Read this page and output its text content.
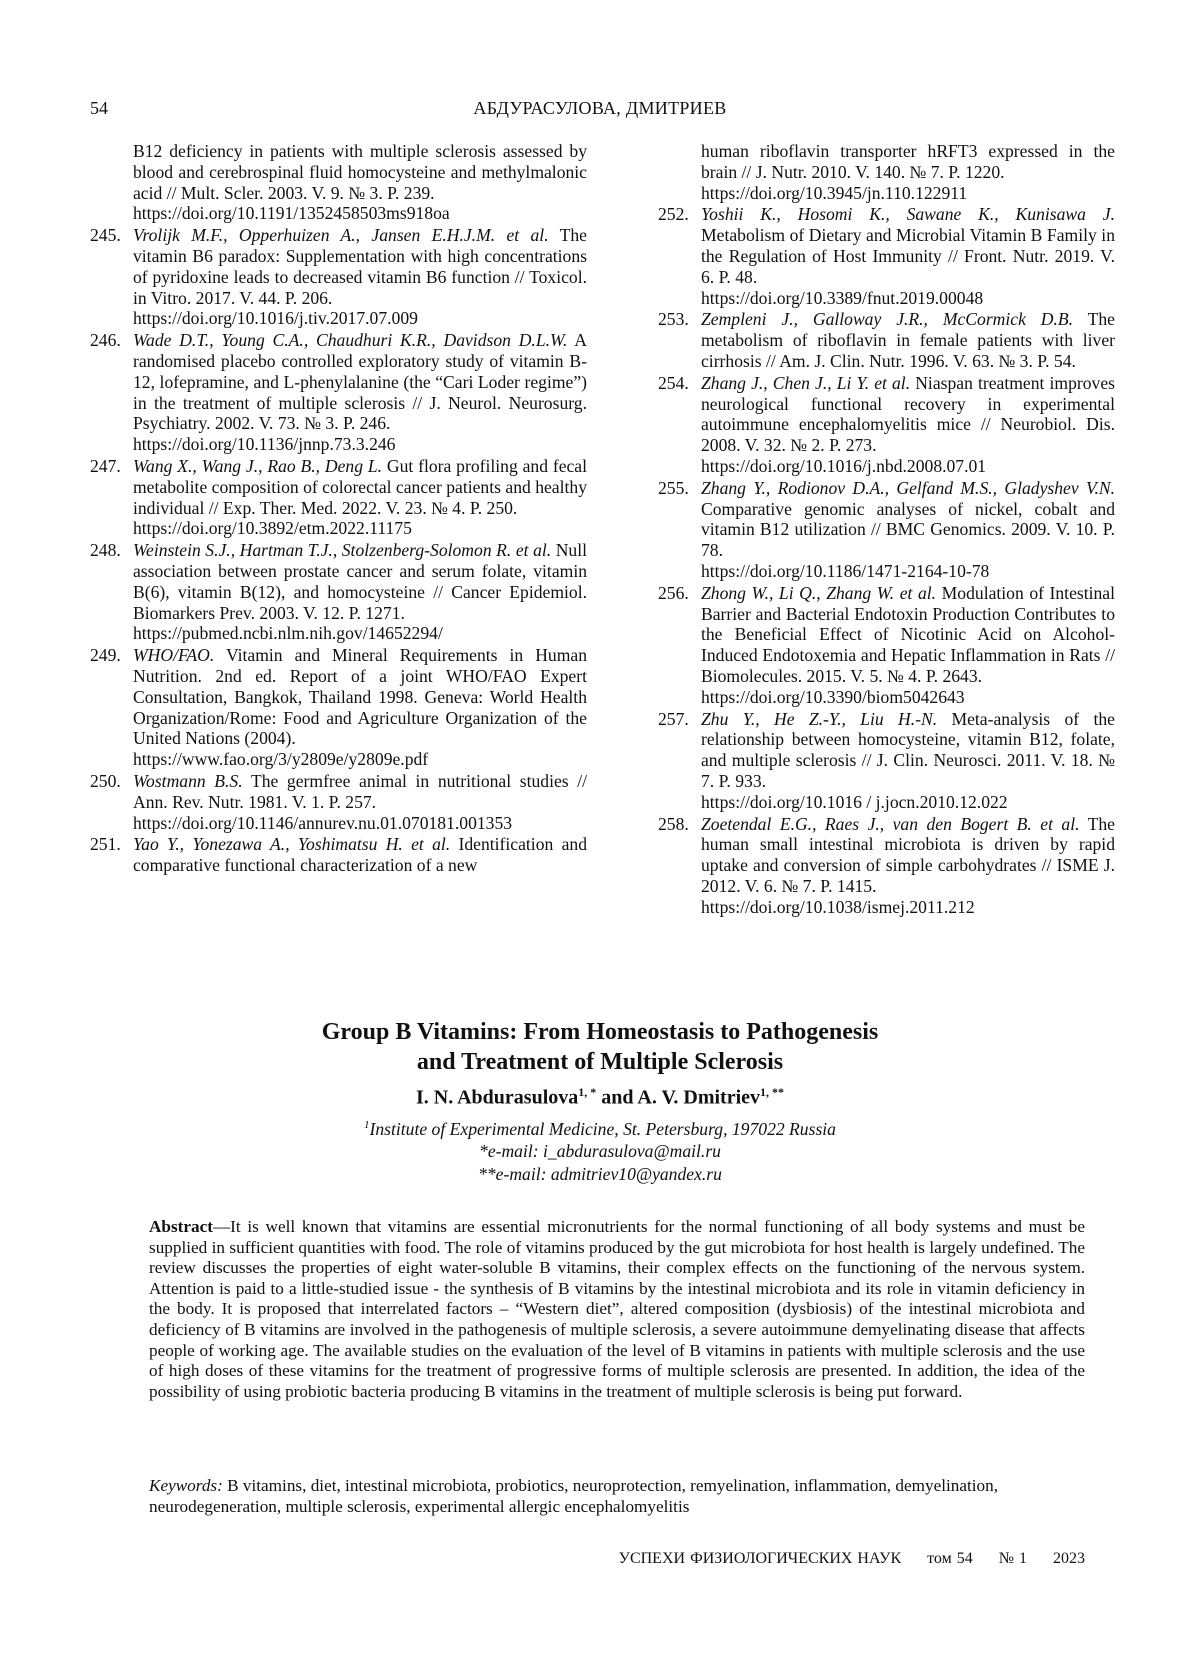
54	АБДУРАСУЛОВА, ДМИТРИЕВ
B12 deficiency in patients with multiple sclerosis assessed by blood and cerebrospinal fluid homocysteine and methylmalonic acid // Mult. Scler. 2003. V. 9. № 3. P. 239.
https://doi.org/10.1191/1352458503ms918oa
245. Vrolijk M.F., Opperhuizen A., Jansen E.H.J.M. et al. The vitamin B6 paradox: Supplementation with high concentrations of pyridoxine leads to decreased vitamin B6 function // Toxicol. in Vitro. 2017. V. 44. P. 206.
https://doi.org/10.1016/j.tiv.2017.07.009
246. Wade D.T., Young C.A., Chaudhuri K.R., Davidson D.L.W. A randomised placebo controlled exploratory study of vitamin B-12, lofepramine, and L-phenylalanine (the “Cari Loder regime”) in the treatment of multiple sclerosis // J. Neurol. Neurosurg. Psychiatry. 2002. V. 73. № 3. P. 246.
https://doi.org/10.1136/jnnp.73.3.246
247. Wang X., Wang J., Rao B., Deng L. Gut flora profiling and fecal metabolite composition of colorectal cancer patients and healthy individual // Exp. Ther. Med. 2022. V. 23. № 4. P. 250.
https://doi.org/10.3892/etm.2022.11175
248. Weinstein S.J., Hartman T.J., Stolzenberg-Solomon R. et al. Null association between prostate cancer and serum folate, vitamin B(6), vitamin B(12), and homocysteine // Cancer Epidemiol. Biomarkers Prev. 2003. V. 12. P. 1271.
https://pubmed.ncbi.nlm.nih.gov/14652294/
249. WHO/FAO. Vitamin and Mineral Requirements in Human Nutrition. 2nd ed. Report of a joint WHO/FAO Expert Consultation, Bangkok, Thailand 1998. Geneva: World Health Organization/Rome: Food and Agriculture Organization of the United Nations (2004).
https://www.fao.org/3/y2809e/y2809e.pdf
250. Wostmann B.S. The germfree animal in nutritional studies // Ann. Rev. Nutr. 1981. V. 1. P. 257.
https://doi.org/10.1146/annurev.nu.01.070181.001353
251. Yao Y., Yonezawa A., Yoshimatsu H. et al. Identification and comparative functional characterization of a new
human riboflavin transporter hRFT3 expressed in the brain // J. Nutr. 2010. V. 140. № 7. P. 1220.
https://doi.org/10.3945/jn.110.122911
252. Yoshii K., Hosomi K., Sawane K., Kunisawa J. Metabolism of Dietary and Microbial Vitamin B Family in the Regulation of Host Immunity // Front. Nutr. 2019. V. 6. P. 48.
https://doi.org/10.3389/fnut.2019.00048
253. Zempleni J., Galloway J.R., McCormick D.B. The metabolism of riboflavin in female patients with liver cirrhosis // Am. J. Clin. Nutr. 1996. V. 63. № 3. P. 54.
254. Zhang J., Chen J., Li Y. et al. Niaspan treatment improves neurological functional recovery in experimental autoimmune encephalomyelitis mice // Neurobiol. Dis. 2008. V. 32. № 2. P. 273.
https://doi.org/10.1016/j.nbd.2008.07.01
255. Zhang Y., Rodionov D.A., Gelfand M.S., Gladyshev V.N. Comparative genomic analyses of nickel, cobalt and vitamin B12 utilization // BMC Genomics. 2009. V. 10. P. 78.
https://doi.org/10.1186/1471-2164-10-78
256. Zhong W., Li Q., Zhang W. et al. Modulation of Intestinal Barrier and Bacterial Endotoxin Production Contributes to the Beneficial Effect of Nicotinic Acid on Alcohol-Induced Endotoxemia and Hepatic Inflammation in Rats // Biomolecules. 2015. V. 5. № 4. P. 2643.
https://doi.org/10.3390/biom5042643
257. Zhu Y., He Z.-Y., Liu H.-N. Meta-analysis of the relationship between homocysteine, vitamin B12, folate, and multiple sclerosis // J. Clin. Neurosci. 2011. V. 18. № 7. P. 933.
https://doi.org/10.1016 / j.jocn.2010.12.022
258. Zoetendal E.G., Raes J., van den Bogert B. et al. The human small intestinal microbiota is driven by rapid uptake and conversion of simple carbohydrates // ISME J. 2012. V. 6. № 7. P. 1415.
https://doi.org/10.1038/ismej.2011.212
Group B Vitamins: From Homeostasis to Pathogenesis
and Treatment of Multiple Sclerosis
I. N. Abdurasulova1, * and A. V. Dmitriev1, **
1Institute of Experimental Medicine, St. Petersburg, 197022 Russia
*e-mail: i_abdurasulova@mail.ru
**e-mail: admitriev10@yandex.ru
Abstract—It is well known that vitamins are essential micronutrients for the normal functioning of all body systems and must be supplied in sufficient quantities with food. The role of vitamins produced by the gut microbiota for host health is largely undefined. The review discusses the properties of eight water-soluble B vitamins, their complex effects on the functioning of the nervous system. Attention is paid to a little-studied issue - the synthesis of B vitamins by the intestinal microbiota and its role in vitamin deficiency in the body. It is proposed that interrelated factors – “Western diet”, altered composition (dysbiosis) of the intestinal microbiota and deficiency of B vitamins are involved in the pathogenesis of multiple sclerosis, a severe autoimmune demyelinating disease that affects people of working age. The available studies on the evaluation of the level of B vitamins in patients with multiple sclerosis and the use of high doses of these vitamins for the treatment of progressive forms of multiple sclerosis are presented. In addition, the idea of the possibility of using probiotic bacteria producing B vitamins in the treatment of multiple sclerosis is being put forward.
Keywords: B vitamins, diet, intestinal microbiota, probiotics, neuroprotection, remyelination, inflammation, demyelination, neurodegeneration, multiple sclerosis, experimental allergic encephalomyelitis
УСПЕХИ ФИЗИОЛОГИЧЕСКИХ НАУК том 54 № 1 2023
